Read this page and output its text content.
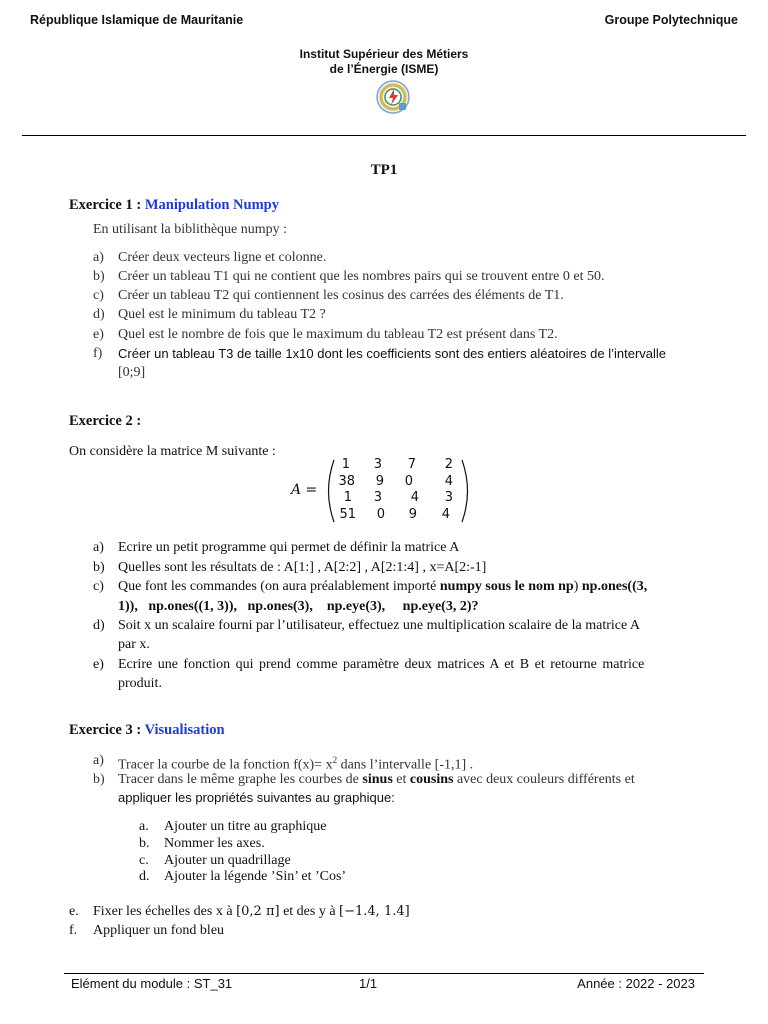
République Islamique de Mauritanie	Groupe Polytechnique
Institut Supérieur des Métiers
de l’Énergie (ISME)
TP1
Exercice 1 : Manipulation Numpy
En utilisant la biblithèque numpy :
a) Créer deux vecteurs ligne et colonne.
b) Créer un tableau T1 qui ne contient que les nombres pairs qui se trouvent entre 0 et 50.
c) Créer un tableau T2 qui contiennent les cosinus des carrées des éléments de T1.
d) Quel est le minimum du tableau T2 ?
e) Quel est le nombre de fois que le maximum du tableau T2 est présent dans T2.
f) Créer un tableau T3 de taille 1x10 dont les coefficients sont des entiers aléatoires de l’intervalle
[0;9]
Exercice 2 :
On considère la matrice M suivante :
A =
1	3	7	2
38	9	0	4
1	3	4	3
51	0	9	4
a) Ecrire un petit programme qui permet de définir la matrice A
b) Quelles sont les résultats de : A[1:] , A[2:2] , A[2:1:4] , x=A[2:-1]
c) Que font les commandes (on aura préalablement importé numpy sous le nom np) np.ones((3,
1)),   np.ones((1, 3)),   np.ones(3),    np.eye(3),     np.eye(3, 2)?
d) Soit x un scalaire fourni par l’utilisateur, effectuez une multiplication scalaire de la matrice A
par x.
e) Ecrire une fonction qui prend comme paramètre deux matrices A et B et retourne matrice
produit.
Exercice 3 : Visualisation
a) Tracer la courbe de la fonction $f(x)= x^2$ dans l’intervalle [-1,1] .
b) Tracer dans le même graphe les courbes de sinus et cousins avec deux couleurs différents et
appliquer les propriétés suivantes au graphique:
a. Ajouter un titre au graphique
b. Nommer les axes.
c. Ajouter un quadrillage
d. Ajouter la légende ’Sin’ et ’Cos’
e. Fixer les échelles des x à [0,2 π] et des y à [−1.4, 1.4]
f. Appliquer un fond bleu
Elément du module : ST_31	1/1	Année : 2022 - 2023
